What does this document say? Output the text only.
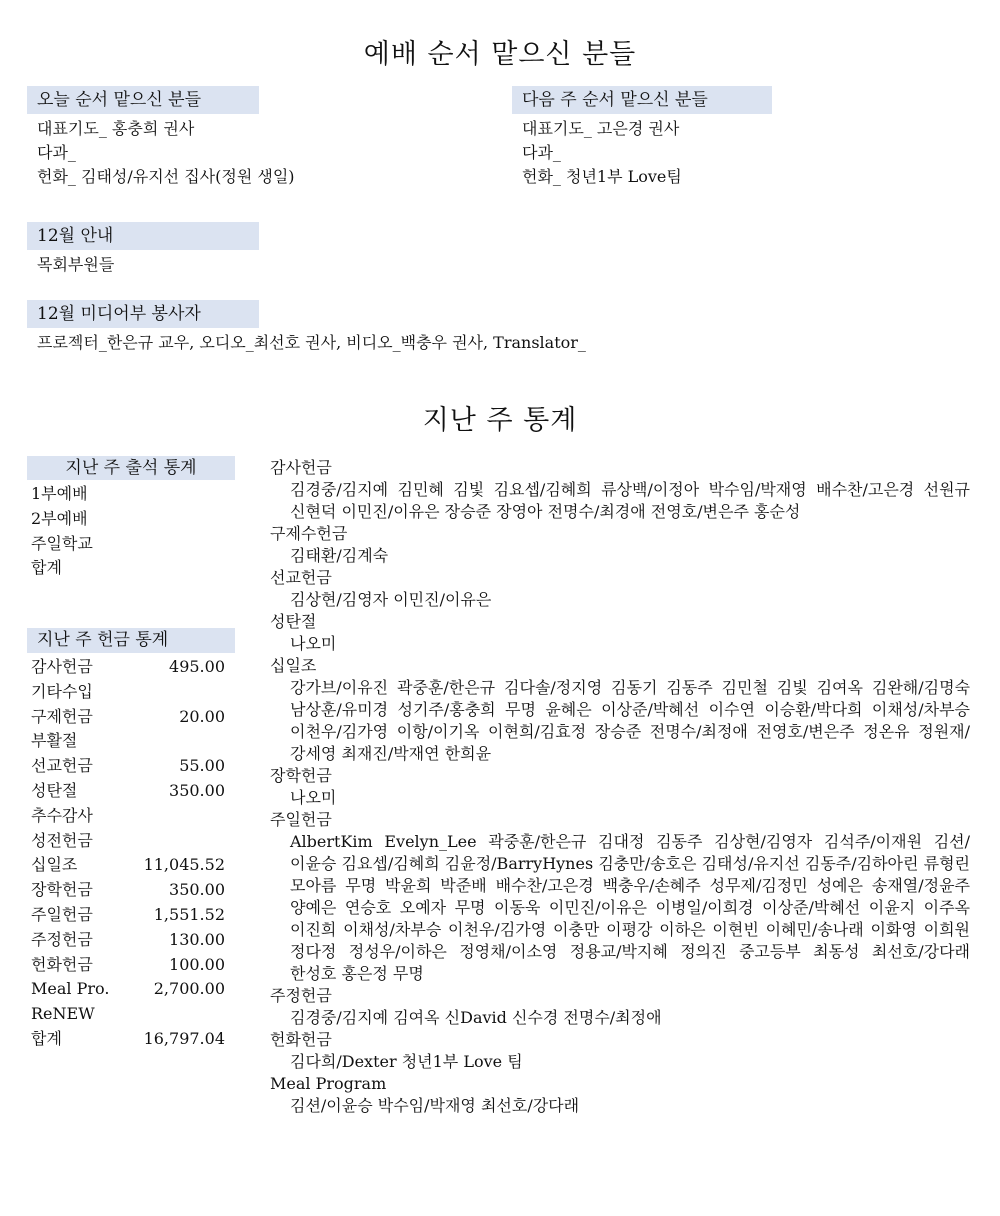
예배 순서 맡으신 분들
오늘 순서 맡으신 분들
대표기도_ 홍충희 권사
다과_
헌화_ 김태성/유지선 집사(정원 생일)
다음 주 순서 맡으신 분들
대표기도_ 고은경 권사
다과_
헌화_ 청년1부 Love팀
12월 안내
목회부원들
12월 미디어부 봉사자
프로젝터_한은규 교우, 오디오_최선호 권사, 비디오_백충우 권사, Translator_
지난 주 통계
지난 주 출석 통계
1부예배
2부예배
주일학교
합계
지난 주 헌금 통계
감사헌금	495.00
기타수입
구제헌금	20.00
부활절
선교헌금	55.00
성탄절	350.00
추수감사
성전헌금
십일조	11,045.52
장학헌금	350.00
주일헌금	1,551.52
주정헌금	130.00
헌화헌금	100.00
Meal Pro.	2,700.00
ReNEW
합계	16,797.04
감사헌금
김경중/김지예 김민혜 김빛 김요셉/김혜희 류상백/이정아 박수임/박재영 배수찬/고은경 선원규 신현덕 이민진/이유은 장승준 장영아 전명수/최경애 전영호/변은주 홍순성
구제수헌금
김태환/김계숙
선교헌금
김상현/김영자 이민진/이유은
성탄절
나오미
십일조
강가브/이유진 곽중훈/한은규 김다솔/정지영 김동기 김동주 김민철 김빛 김여옥 김완해/김명숙 남상훈/유미경 성기주/홍충희 무명 윤혜은 이상준/박혜선 이수연 이승환/박다희 이채성/차부승 이천우/김가영 이항/이기옥 이현희/김효정 장승준 전명수/최정애 전영호/변은주 정온유 정원재/강세영 최재진/박재연 한희윤
장학헌금
나오미
주일헌금
AlbertKim Evelyn_Lee 곽중훈/한은규 김대정 김동주 김상현/김영자 김석주/이재원 김션/이윤승 김요셉/김혜희 김윤정/BarryHynes 김충만/송호은 김태성/유지선 김동주/김하아린 류형린 모아름 무명 박윤희 박준배 배수찬/고은경 백충우/손혜주 성무제/김정민 성예은 송재열/정윤주 양예은 연승호 오예자 무명 이동욱 이민진/이유은 이병일/이희경 이상준/박혜선 이윤지 이주옥 이진희 이채성/차부승 이천우/김가영 이충만 이평강 이하은 이현빈 이혜민/송나래 이화영 이희원 정다정 정성우/이하은 정영채/이소영 정용교/박지혜 정의진 중고등부 최동성 최선호/강다래 한성호 홍은정 무명
주정헌금
김경중/김지예 김여옥 신David 신수경 전명수/최정애
헌화헌금
김다희/Dexter 청년1부 Love 팀
Meal Program
김션/이윤승 박수임/박재영 최선호/강다래
